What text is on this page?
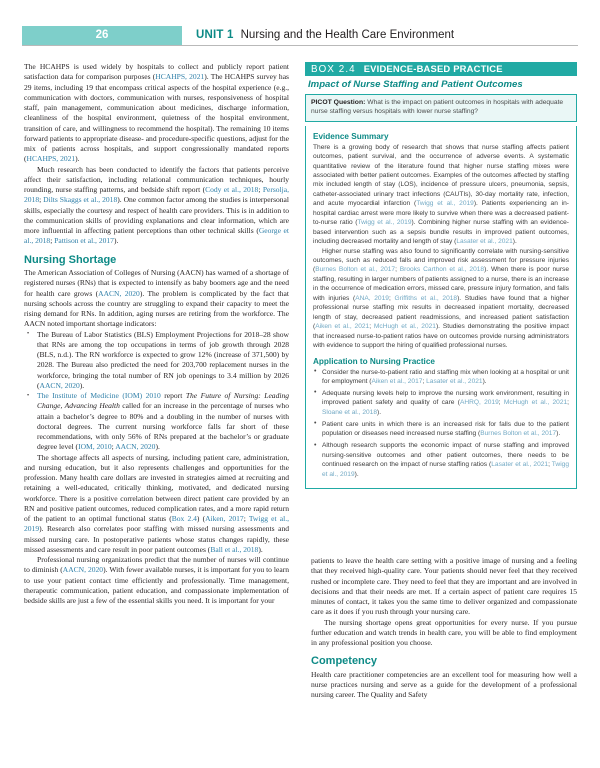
26	UNIT 1 Nursing and the Health Care Environment

The HCAHPS is used widely by hospitals to collect and publicly report patient satisfaction data for comparison purposes (HCAHPS, 2021). The HCAHPS survey has 29 items, including 19 that encompass critical aspects of the hospital experience (e.g., communication with doctors, communication with nurses, responsiveness of hospital staff, pain management, communication about medicines, discharge information, cleanliness of the hospital environment, quietness of the hospital environment, transition of care, and willingness to recommend the hospital). The remaining 10 items forward patients to appropriate disease- and procedure-specific questions, adjust for the mix of patients across hospitals, and support congressionally mandated reports (HCAHPS, 2021).

Much research has been conducted to identify the factors that patients perceive affect their satisfaction, including relational communication techniques, hourly rounding, nurse staffing patterns, and bedside shift report (Cody et al., 2018; Persolja, 2018; Dilts Skaggs et al., 2018). One common factor among the studies is interpersonal skills, especially the courtesy and respect of health care providers. This is in addition to the communication skills of providing explanations and clear information, which are more influential in affecting patient perceptions than other technical skills (George et al., 2018; Pattison et al., 2017).

Nursing Shortage

The American Association of Colleges of Nursing (AACN) has warned of a shortage of registered nurses (RNs) that is expected to intensify as baby boomers age and the need for health care grows (AACN, 2020). The problem is complicated by the fact that nursing schools across the country are struggling to expand their capacity to meet the rising demand for RNs. In addition, aging nurses are retiring from the workforce. The AACN noted important shortage indicators:

• The Bureau of Labor Statistics (BLS) Employment Projections for 2018–28 show that RNs are among the top occupations in terms of job growth through 2028 (BLS, n.d.). The RN workforce is expected to grow 12% (increase of 371,500) by 2028. The Bureau also predicted the need for 203,700 replacement nurses in the workforce, bringing the total number of RN job openings to 3.4 million by 2026 (AACN, 2020).
• The Institute of Medicine (IOM) 2010 report The Future of Nursing: Leading Change, Advancing Health called for an increase in the percentage of nurses who attain a bachelor’s degree to 80% and a doubling in the number of nurses with doctoral degrees. The current nursing workforce falls far short of these recommendations, with only 56% of RNs prepared at the bachelor’s or graduate degree level (IOM, 2010; AACN, 2020).

The shortage affects all aspects of nursing, including patient care, administration, and nursing education, but it also represents challenges and opportunities for the profession. Many health care dollars are invested in strategies aimed at recruiting and retaining a well-educated, critically thinking, motivated, and dedicated nursing workforce. There is a positive correlation between direct patient care provided by an RN and positive patient outcomes, reduced complication rates, and a more rapid return of the patient to an optimal functional status (Box 2.4) (Aiken, 2017; Twigg et al., 2019). Research also correlates poor staffing with missed nursing assessments and missed nursing care. In postoperative patients whose status changes rapidly, these missed assessments and care result in poor patient outcomes (Ball et al., 2018).

Professional nursing organizations predict that the number of nurses will continue to diminish (AACN, 2020). With fewer available nurses, it is important for you to learn to use your patient contact time efficiently and professionally. Time management, therapeutic communication, patient education, and compassionate implementation of bedside skills are just a few of the essential skills you need. It is important for your

BOX 2.4 EVIDENCE-BASED PRACTICE
Impact of Nurse Staffing and Patient Outcomes
PICOT Question: What is the impact on patient outcomes in hospitals with adequate nurse staffing versus hospitals with lower nurse staffing?
Evidence Summary

There is a growing body of research that shows that nurse staffing affects patient outcomes, patient survival, and the occurrence of adverse events. A systematic quantitative review of the literature found that higher nurse staffing mixes were associated with better patient outcomes. Examples of the outcomes affected by staffing mix included length of stay (LOS), incidence of pressure ulcers, pneumonia, sepsis, catheter-associated urinary tract infections (CAUTIs), 30-day mortality rate, infection, and acute myocardial infarction (Twigg et al., 2019). Patients experiencing an in-hospital cardiac arrest were more likely to survive when there was a decreased patient-to-nurse ratio (Twigg et al., 2019). Combining higher nurse staffing with an evidence-based intervention such as a sepsis bundle results in improved patient outcomes, including decreased mortality and length of stay (Lasater et al., 2021).

Higher nurse staffing was also found to significantly correlate with nursing-sensitive outcomes, such as reduced falls and improved risk assessment for pressure injuries (Burnes Bolton et al., 2017; Brooks Carthon et al., 2018). When there is poor nurse staffing, resulting in larger numbers of patients assigned to a nurse, there is an increase in the occurrence of medication errors, missed care, pressure injury formation, and falls with injuries (ANA, 2019; Griffiths et al., 2018). Studies have found that a higher professional nurse staffing mix results in decreased inpatient mortality, decreased length of stay, decreased patient readmissions, and increased patient satisfaction (Aiken et al., 2021; McHugh et al., 2021). Studies demonstrating the positive impact that increased nurse-to-patient ratios have on outcomes provide nursing administrators with evidence to support the hiring of qualified professional nurses.

Application to Nursing Practice
• Consider the nurse-to-patient ratio and staffing mix when looking at a hospital or unit for employment (Aiken et al., 2017; Lasater et al., 2021).
• Adequate nursing levels help to improve the nursing work environment, resulting in improved patient safety and quality of care (AHRQ, 2019; McHugh et al., 2021; Sloane et al., 2018).
• Patient care units in which there is an increased risk for falls due to the patient population or diseases need increased nurse staffing (Burnes Bolton et al., 2017).
• Although research supports the economic impact of nurse staffing and improved nursing-sensitive outcomes and other patient outcomes, there needs to be continued research on the impact of nurse staffing ratios (Lasater et al., 2021; Twigg et al., 2019).

patients to leave the health care setting with a positive image of nursing and a feeling that they received high-quality care. Your patients should never feel that they received rushed or incomplete care. They need to feel that they are important and are involved in decisions and that their needs are met. If a certain aspect of patient care requires 15 minutes of contact, it takes you the same time to deliver organized and compassionate care as it does if you rush through your nursing care.

The nursing shortage opens great opportunities for every nurse. If you pursue further education and watch trends in health care, you will be able to find employment in any professional position you choose.

Competency

Health care practitioner competencies are an excellent tool for measuring how well a nurse practices nursing and serve as a guide for the development of a professional nursing career. The Quality and Safety
